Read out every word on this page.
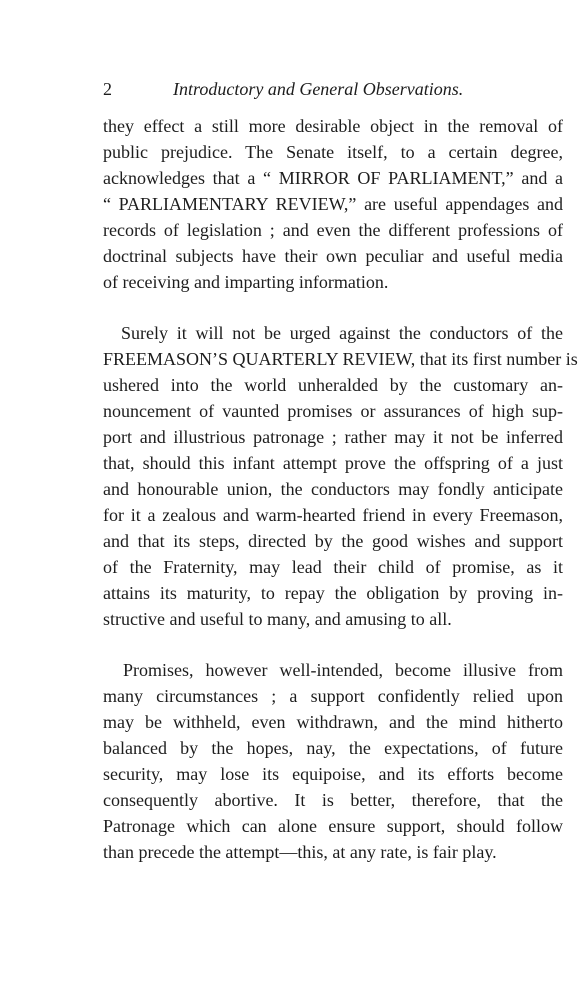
2	Introductory and General Observations.
they effect a still more desirable object in the removal of
public prejudice. The Senate itself, to a certain degree,
acknowledges that a “ MIRROR OF PARLIAMENT,” and a
“ PARLIAMENTARY REVIEW,” are useful appendages and
records of legislation ; and even the different professions of
doctrinal subjects have their own peculiar and useful media
of receiving and imparting information.
Surely it will not be urged against the conductors of the
FREEMASON’S QUARTERLY REVIEW, that its first number is
ushered into the world unheralded by the customary an-
nouncement of vaunted promises or assurances of high sup-
port and illustrious patronage ; rather may it not be inferred
that, should this infant attempt prove the offspring of a just
and honourable union, the conductors may fondly anticipate
for it a zealous and warm-hearted friend in every Freemason,
and that its steps, directed by the good wishes and support
of the Fraternity, may lead their child of promise, as it
attains its maturity, to repay the obligation by proving in-
structive and useful to many, and amusing to all.
Promises, however well-intended, become illusive from
many circumstances ; a support confidently relied upon
may be withheld, even withdrawn, and the mind hitherto
balanced by the hopes, nay, the expectations, of future
security, may lose its equipoise, and its efforts become
consequently abortive. It is better, therefore, that the
Patronage which can alone ensure support, should follow
than precede the attempt—this, at any rate, is fair play.
